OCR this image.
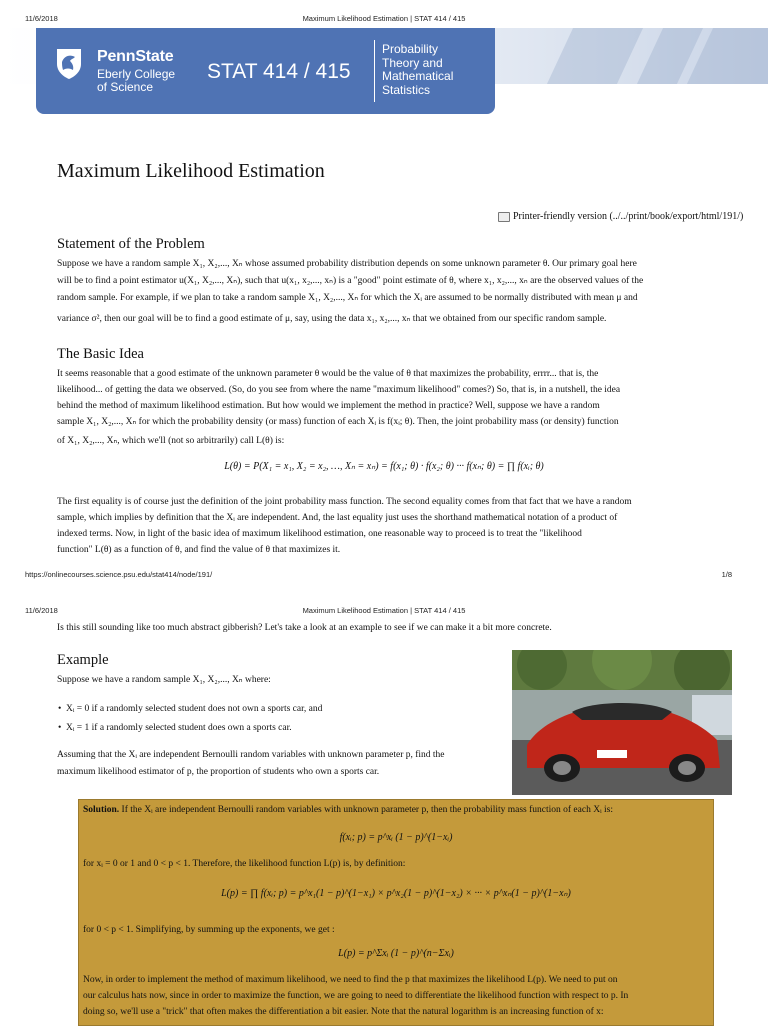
11/6/2018	Maximum Likelihood Estimation | STAT 414 / 415
PennState
Eberly College
of Science
STAT 414 / 415
Probability
Theory and
Mathematical
Statistics
Maximum Likelihood Estimation
Printer-friendly version (../../print/book/export/html/191/)
Statement of the Problem
Suppose we have a random sample X₁, X₂,..., Xₙ whose assumed probability distribution depends on some unknown parameter θ. Our primary goal here
will be to find a point estimator u(X₁, X₂,..., Xₙ), such that u(x₁, x₂,..., xₙ) is a "good" point estimate of θ, where x₁, x₂,..., xₙ are the observed values of the
random sample. For example, if we plan to take a random sample X₁, X₂,..., Xₙ for which the Xᵢ are assumed to be normally distributed with mean μ and
variance σ², then our goal will be to find a good estimate of μ, say, using the data x₁, x₂,..., xₙ that we obtained from our specific random sample.
The Basic Idea
It seems reasonable that a good estimate of the unknown parameter θ would be the value of θ that maximizes the probability, errrr... that is, the
likelihood... of getting the data we observed. (So, do you see from where the name "maximum likelihood" comes?) So, that is, in a nutshell, the idea
behind the method of maximum likelihood estimation. But how would we implement the method in practice? Well, suppose we have a random
sample X₁, X₂,..., Xₙ for which the probability density (or mass) function of each Xᵢ is f(xᵢ; θ). Then, the joint probability mass (or density) function
of X₁, X₂,..., Xₙ, which we'll (not so arbitrarily) call L(θ) is:
L(θ) = P(X₁ = x₁, X₂ = x₂, …, Xₙ = xₙ) = f(x₁; θ) · f(x₂; θ) ··· f(xₙ; θ) = ∏ f(xᵢ; θ)
The first equality is of course just the definition of the joint probability mass function. The second equality comes from that fact that we have a random
sample, which implies by definition that the Xᵢ are independent. And, the last equality just uses the shorthand mathematical notation of a product of
indexed terms. Now, in light of the basic idea of maximum likelihood estimation, one reasonable way to proceed is to treat the "likelihood
function" L(θ) as a function of θ, and find the value of θ that maximizes it.
https://onlinecourses.science.psu.edu/stat414/node/191/	1/8
11/6/2018	Maximum Likelihood Estimation | STAT 414 / 415
Is this still sounding like too much abstract gibberish? Let's take a look at an example to see if we can make it a bit more concrete.
Example
Suppose we have a random sample X₁, X₂,..., Xₙ where:
• Xᵢ = 0 if a randomly selected student does not own a sports car, and
• Xᵢ = 1 if a randomly selected student does own a sports car.
Assuming that the Xᵢ are independent Bernoulli random variables with unknown parameter p, find the
maximum likelihood estimator of p, the proportion of students who own a sports car.
Solution. If the Xᵢ are independent Bernoulli random variables with unknown parameter p, then the probability mass function of each Xᵢ is:
f(xᵢ; p) = p^xᵢ (1 − p)^(1−xᵢ)
for xᵢ = 0 or 1 and 0 < p < 1. Therefore, the likelihood function L(p) is, by definition:
L(p) = ∏ f(xᵢ; p) = p^x₁(1 − p)^(1−x₁) × p^x₂(1 − p)^(1−x₂) × ··· × p^xₙ(1 − p)^(1−xₙ)
for 0 < p < 1. Simplifying, by summing up the exponents, we get :
L(p) = p^Σxᵢ (1 − p)^(n−Σxᵢ)
Now, in order to implement the method of maximum likelihood, we need to find the p that maximizes the likelihood L(p). We need to put on
our calculus hats now, since in order to maximize the function, we are going to need to differentiate the likelihood function with respect to p. In
doing so, we'll use a "trick" that often makes the differentiation a bit easier. Note that the natural logarithm is an increasing function of x:
